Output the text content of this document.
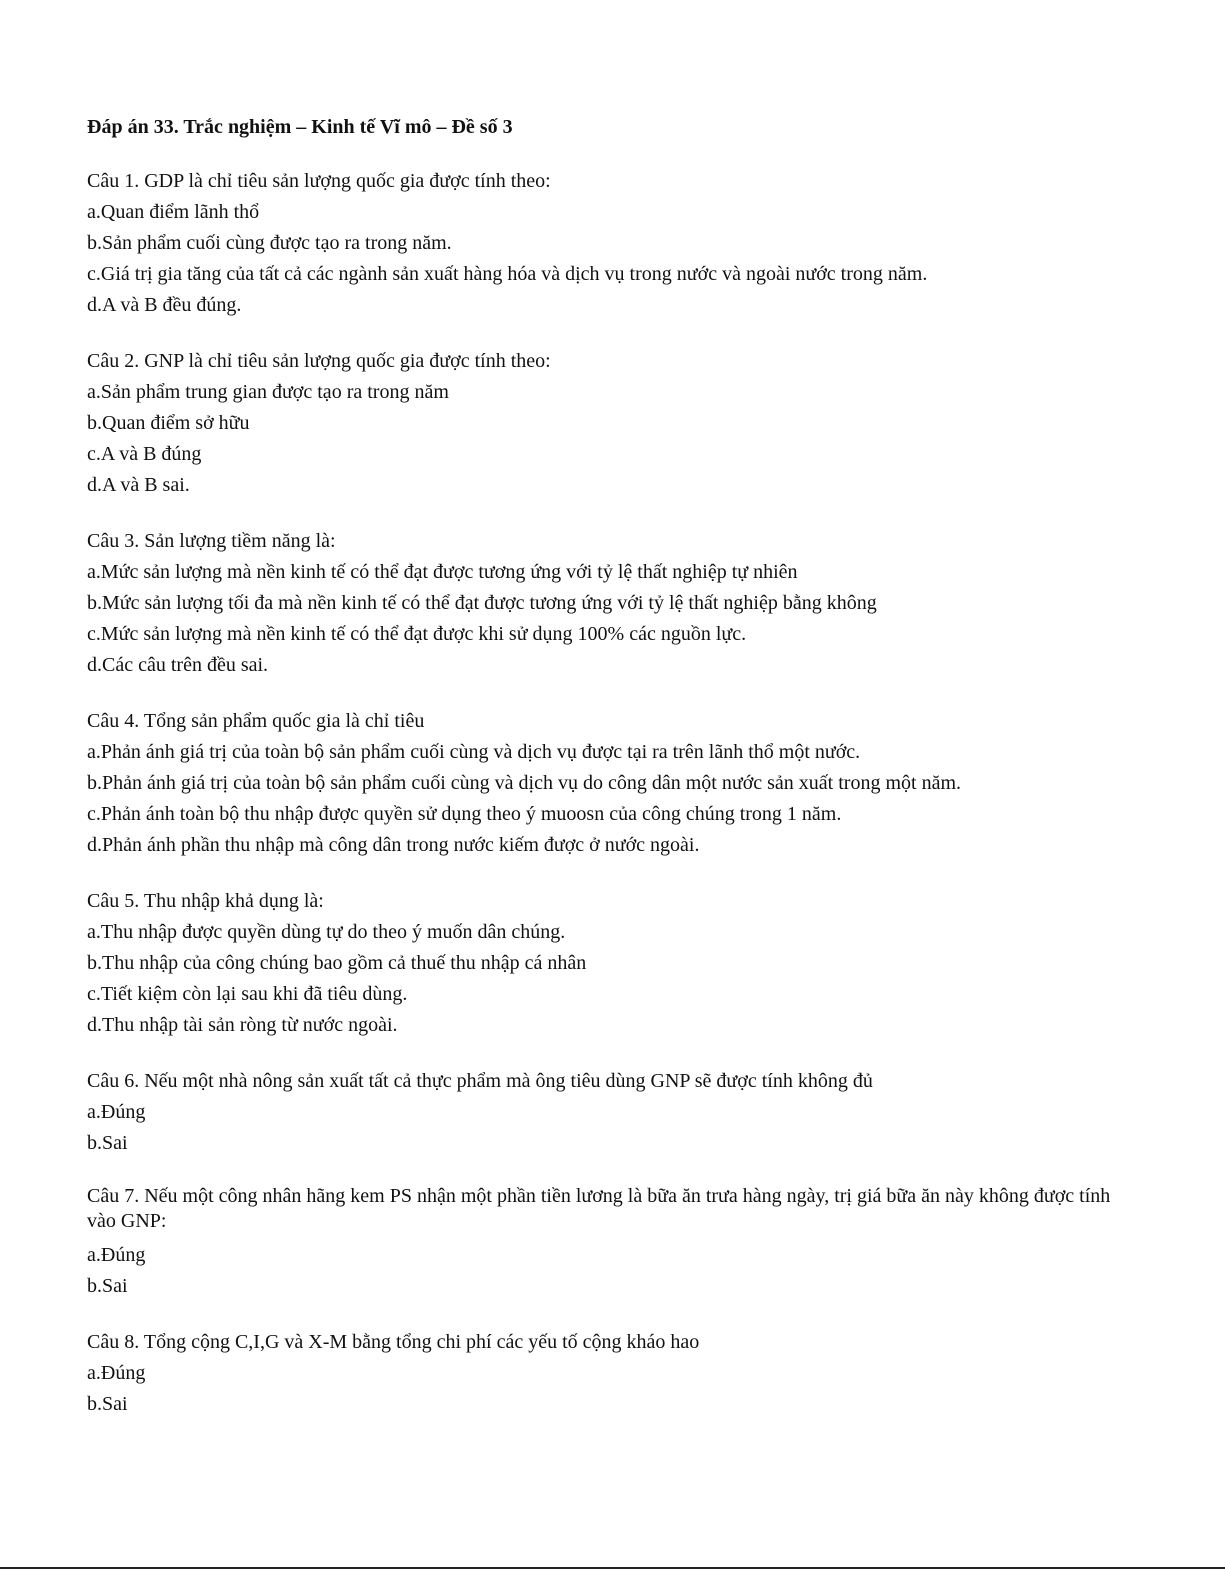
Đáp án 33. Trắc nghiệm – Kinh tế Vĩ mô – Đề số 3
Câu 1. GDP là chỉ tiêu sản lượng quốc gia được tính theo:
a.Quan điểm lãnh thổ
b.Sản phẩm cuối cùng được tạo ra trong năm.
c.Giá trị gia tăng của tất cả các ngành sản xuất hàng hóa và dịch vụ trong nước và ngoài nước trong năm.
d.A và B đều đúng.
Câu 2. GNP là chỉ tiêu sản lượng quốc gia được tính theo:
a.Sản phẩm trung gian được tạo ra trong năm
b.Quan điểm sở hữu
c.A và B đúng
d.A và B sai.
Câu 3. Sản lượng tiềm năng là:
a.Mức sản lượng mà nền kinh tế có thể đạt được tương ứng với tỷ lệ thất nghiệp tự nhiên
b.Mức sản lượng tối đa mà nền kinh tế có thể đạt được tương ứng với tỷ lệ thất nghiệp bằng không
c.Mức sản lượng mà nền kinh tế có thể đạt được khi sử dụng 100% các nguồn lực.
d.Các câu trên đều sai.
Câu 4. Tổng sản phẩm quốc gia là chỉ tiêu
a.Phản ánh giá trị của toàn bộ sản phẩm cuối cùng và dịch vụ được tại ra trên lãnh thổ một nước.
b.Phản ánh giá trị của toàn bộ sản phẩm cuối cùng và dịch vụ do công dân một nước sản xuất trong một năm.
c.Phản ánh toàn bộ thu nhập được quyền sử dụng theo ý muoosn của công chúng trong 1 năm.
d.Phản ánh phần thu nhập mà công dân trong nước kiếm được ở nước ngoài.
Câu 5. Thu nhập khả dụng là:
a.Thu nhập được quyền dùng tự do theo ý muốn dân chúng.
b.Thu nhập của công chúng bao gồm cả thuế thu nhập cá nhân
c.Tiết kiệm còn lại sau khi đã tiêu dùng.
d.Thu nhập tài sản ròng từ nước ngoài.
Câu 6. Nếu một nhà nông sản xuất tất cả thực phẩm mà ông tiêu dùng GNP sẽ được tính không đủ
a.Đúng
b.Sai
Câu 7. Nếu một công nhân hãng kem PS nhận một phần tiền lương là bữa ăn trưa hàng ngày, trị giá bữa ăn này không được tính vào GNP:
a.Đúng
b.Sai
Câu 8. Tổng cộng C,I,G và X-M bằng tổng chi phí các yếu tố cộng kháo hao
a.Đúng
b.Sai
